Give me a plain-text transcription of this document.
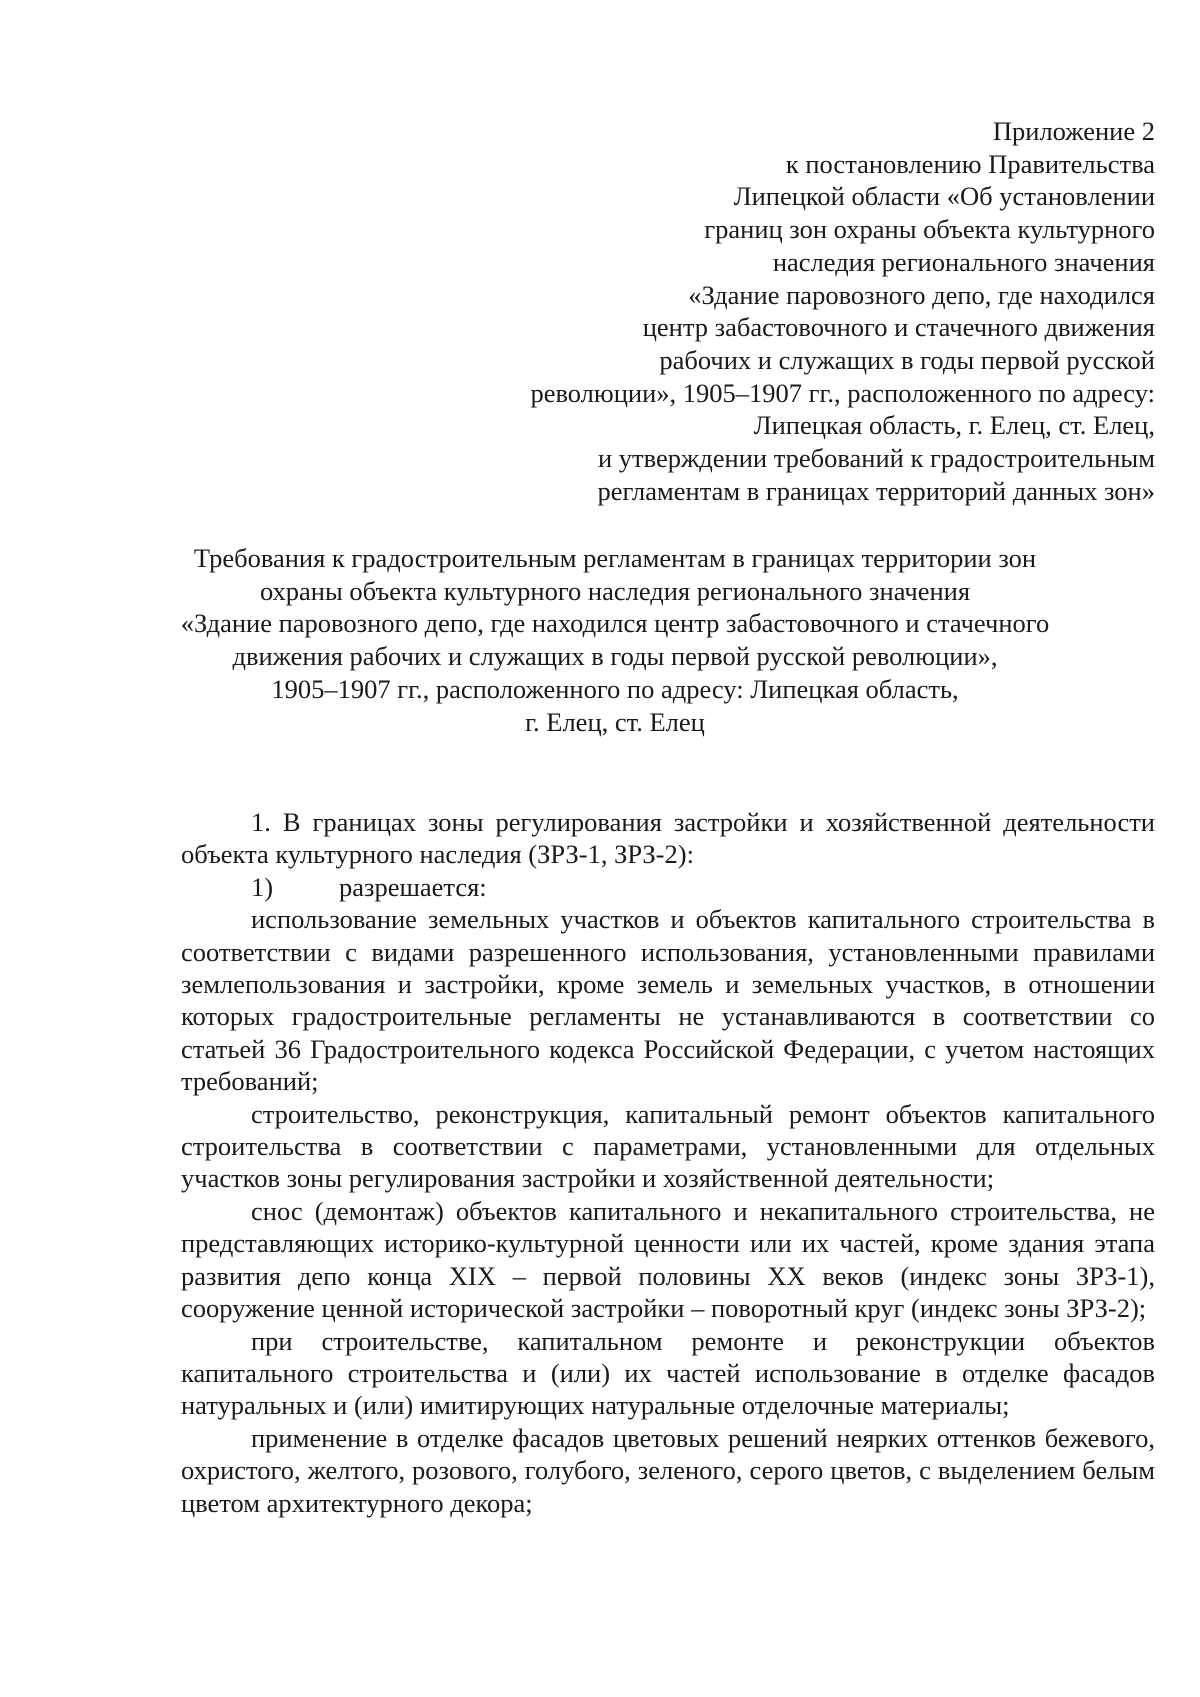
Приложение 2
к постановлению Правительства
Липецкой области «Об установлении
границ зон охраны объекта культурного
наследия регионального значения
«Здание паровозного депо, где находился
центр забастовочного и стачечного движения
рабочих и служащих в годы первой русской
революции», 1905–1907 гг., расположенного по адресу:
Липецкая область, г. Елец, ст. Елец,
и утверждении требований к градостроительным
регламентам в границах территорий данных зон»
Требования к градостроительным регламентам в границах территории зон
охраны объекта культурного наследия регионального значения
«Здание паровозного депо, где находился центр забастовочного и стачечного
движения рабочих и служащих в годы первой русской революции»,
1905–1907 гг., расположенного по адресу: Липецкая область,
г. Елец, ст. Елец

1. В границах зоны регулирования застройки и хозяйственной деятельности объекта культурного наследия (ЗРЗ-1, ЗРЗ-2):

1) разрешается:

использование земельных участков и объектов капитального строительства в соответствии с видами разрешенного использования, установленными правилами землепользования и застройки, кроме земель и земельных участков, в отношении которых градостроительные регламенты не устанавливаются в соответствии со статьей 36 Градостроительного кодекса Российской Федерации, с учетом настоящих требований;

строительство, реконструкция, капитальный ремонт объектов капитального строительства в соответствии с параметрами, установленными для отдельных участков зоны регулирования застройки и хозяйственной деятельности;

снос (демонтаж) объектов капитального и некапитального строительства, не представляющих историко-культурной ценности или их частей, кроме здания этапа развития депо конца XIX – первой половины XX веков (индекс зоны ЗРЗ-1), сооружение ценной исторической застройки – поворотный круг (индекс зоны ЗРЗ-2);

при строительстве, капитальном ремонте и реконструкции объектов капитального строительства и (или) их частей использование в отделке фасадов натуральных и (или) имитирующих натуральные отделочные материалы;

применение в отделке фасадов цветовых решений неярких оттенков бежевого, охристого, желтого, розового, голубого, зеленого, серого цветов, с выделением белым цветом архитектурного декора;
